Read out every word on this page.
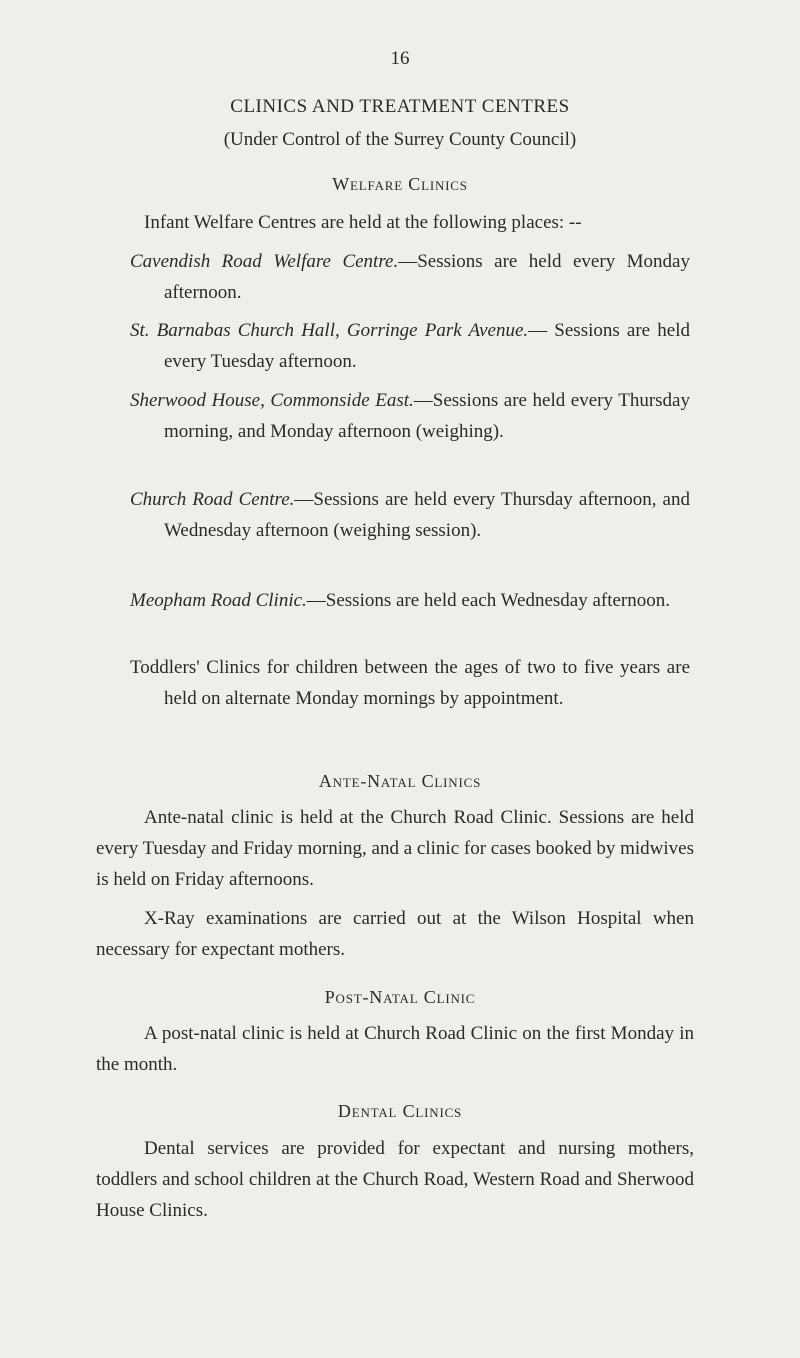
16
CLINICS AND TREATMENT CENTRES
(Under Control of the Surrey County Council)
Welfare Clinics
Infant Welfare Centres are held at the following places: --
Cavendish Road Welfare Centre.—Sessions are held every Monday afternoon.
St. Barnabas Church Hall, Gorringe Park Avenue.— Sessions are held every Tuesday afternoon.
Sherwood House, Commonside East.—Sessions are held every Thursday morning, and Monday afternoon (weighing).
Church Road Centre.—Sessions are held every Thursday afternoon, and Wednesday afternoon (weighing session).
Meopham Road Clinic.—Sessions are held each Wednesday afternoon.
Toddlers' Clinics for children between the ages of two to five years are held on alternate Monday mornings by appointment.
Ante-Natal Clinics
Ante-natal clinic is held at the Church Road Clinic. Sessions are held every Tuesday and Friday morning, and a clinic for cases booked by midwives is held on Friday afternoons.
X-Ray examinations are carried out at the Wilson Hospital when necessary for expectant mothers.
Post-Natal Clinic
A post-natal clinic is held at Church Road Clinic on the first Monday in the month.
Dental Clinics
Dental services are provided for expectant and nursing mothers, toddlers and school children at the Church Road, Western Road and Sherwood House Clinics.
